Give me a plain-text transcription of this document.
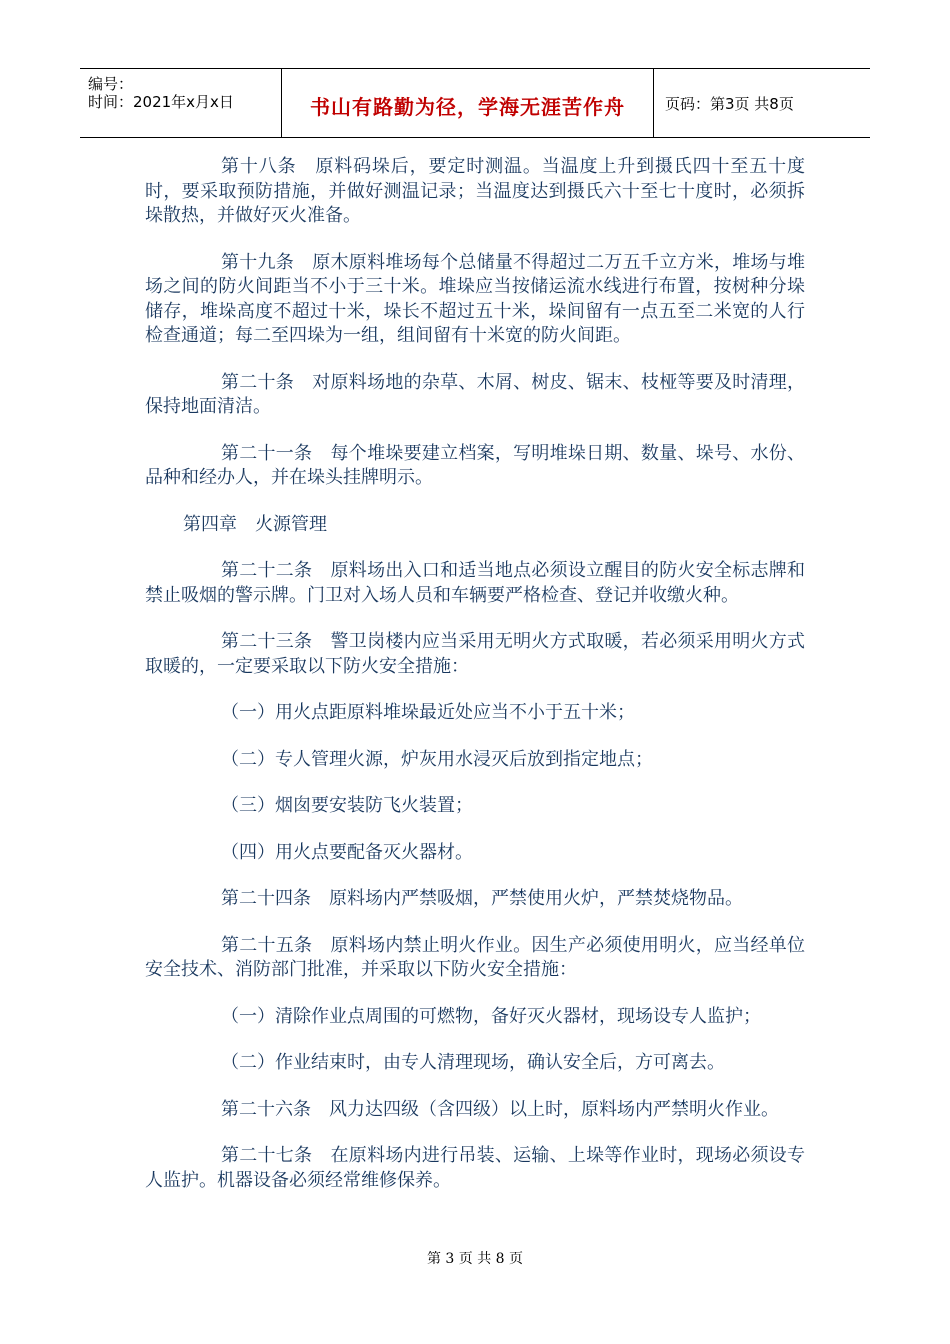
编号：
时间：2021年x月x日	书山有路勤为径，学海无涯苦作舟	页码：第3页 共8页

第十八条　原料码垛后，要定时测温。当温度上升到摄氏四十至五十度时，要采取预防措施，并做好测温记录；当温度达到摄氏六十至七十度时，必须拆垛散热，并做好灭火准备。

第十九条　原木原料堆场每个总储量不得超过二万五千立方米，堆场与堆场之间的防火间距当不小于三十米。堆垛应当按储运流水线进行布置，按树种分垛储存，堆垛高度不超过十米，垛长不超过五十米，垛间留有一点五至二米宽的人行检查通道；每二至四垛为一组，组间留有十米宽的防火间距。

第二十条　对原料场地的杂草、木屑、树皮、锯末、枝桠等要及时清理，保持地面清洁。

第二十一条　每个堆垛要建立档案，写明堆垛日期、数量、垛号、水份、品种和经办人，并在垛头挂牌明示。

第四章　火源管理

第二十二条　原料场出入口和适当地点必须设立醒目的防火安全标志牌和禁止吸烟的警示牌。门卫对入场人员和车辆要严格检查、登记并收缴火种。

第二十三条　警卫岗楼内应当采用无明火方式取暖，若必须采用明火方式取暖的，一定要采取以下防火安全措施：

（一）用火点距原料堆垛最近处应当不小于五十米；

（二）专人管理火源，炉灰用水浸灭后放到指定地点；

（三）烟囱要安装防飞火装置；

（四）用火点要配备灭火器材。

第二十四条　原料场内严禁吸烟，严禁使用火炉，严禁焚烧物品。

第二十五条　原料场内禁止明火作业。因生产必须使用明火，应当经单位安全技术、消防部门批准，并采取以下防火安全措施：

（一）清除作业点周围的可燃物，备好灭火器材，现场设专人监护；

（二）作业结束时，由专人清理现场，确认安全后，方可离去。

第二十六条　风力达四级（含四级）以上时，原料场内严禁明火作业。

第二十七条　在原料场内进行吊装、运输、上垛等作业时，现场必须设专人监护。机器设备必须经常维修保养。

第 3 页 共 8 页
